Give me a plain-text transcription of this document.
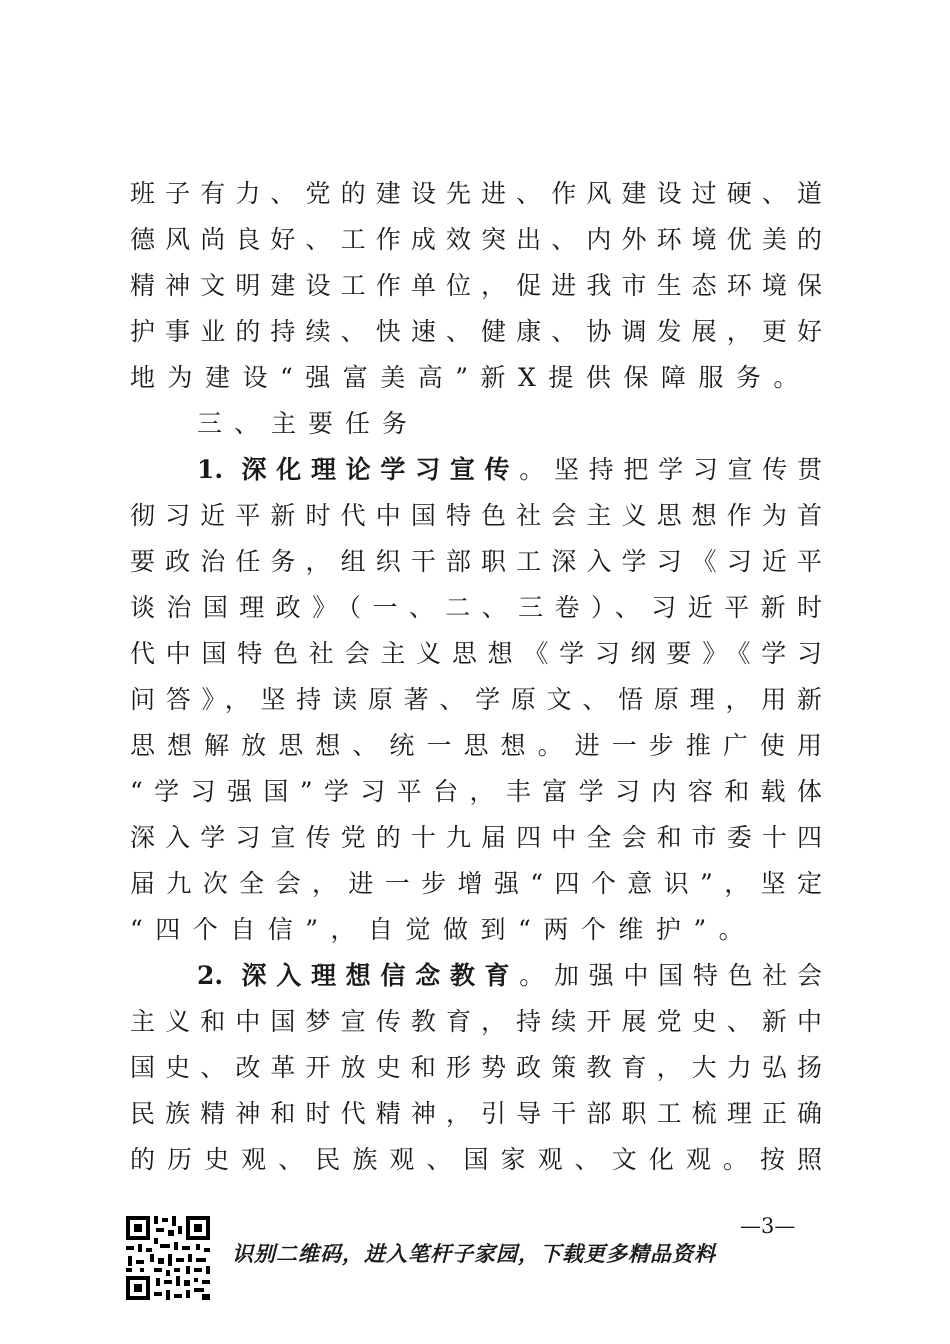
班子有力、党的建设先进、作风建设过硬、道
德风尚良好、工作成效突出、内外环境优美的
精神文明建设工作单位，促进我市生态环境保
护事业的持续、快速、健康、协调发展，更好
地为建设“强富美高”新X提供保障服务。
三、主要任务
1. 深化理论学习宣传。坚持把学习宣传贯
彻习近平新时代中国特色社会主义思想作为首
要政治任务，组织干部职工深入学习《习近平
谈治国理政》（一、二、三卷）、习近平新时
代中国特色社会主义思想《学习纲要》《学习
问答》，坚持读原著、学原文、悟原理，用新
思想解放思想、统一思想。进一步推广使用
“学习强国”学习平台，丰富学习内容和载体
深入学习宣传党的十九届四中全会和市委十四
届九次全会，进一步增强“四个意识”，坚定
“四个自信”，自觉做到“两个维护”。
2. 深入理想信念教育。加强中国特色社会
主义和中国梦宣传教育，持续开展党史、新中
国史、改革开放史和形势政策教育，大力弘扬
民族精神和时代精神，引导干部职工梳理正确
的历史观、民族观、国家观、文化观。按照
识别二维码，进入笔杆子家园，下载更多精品资料
—3—
